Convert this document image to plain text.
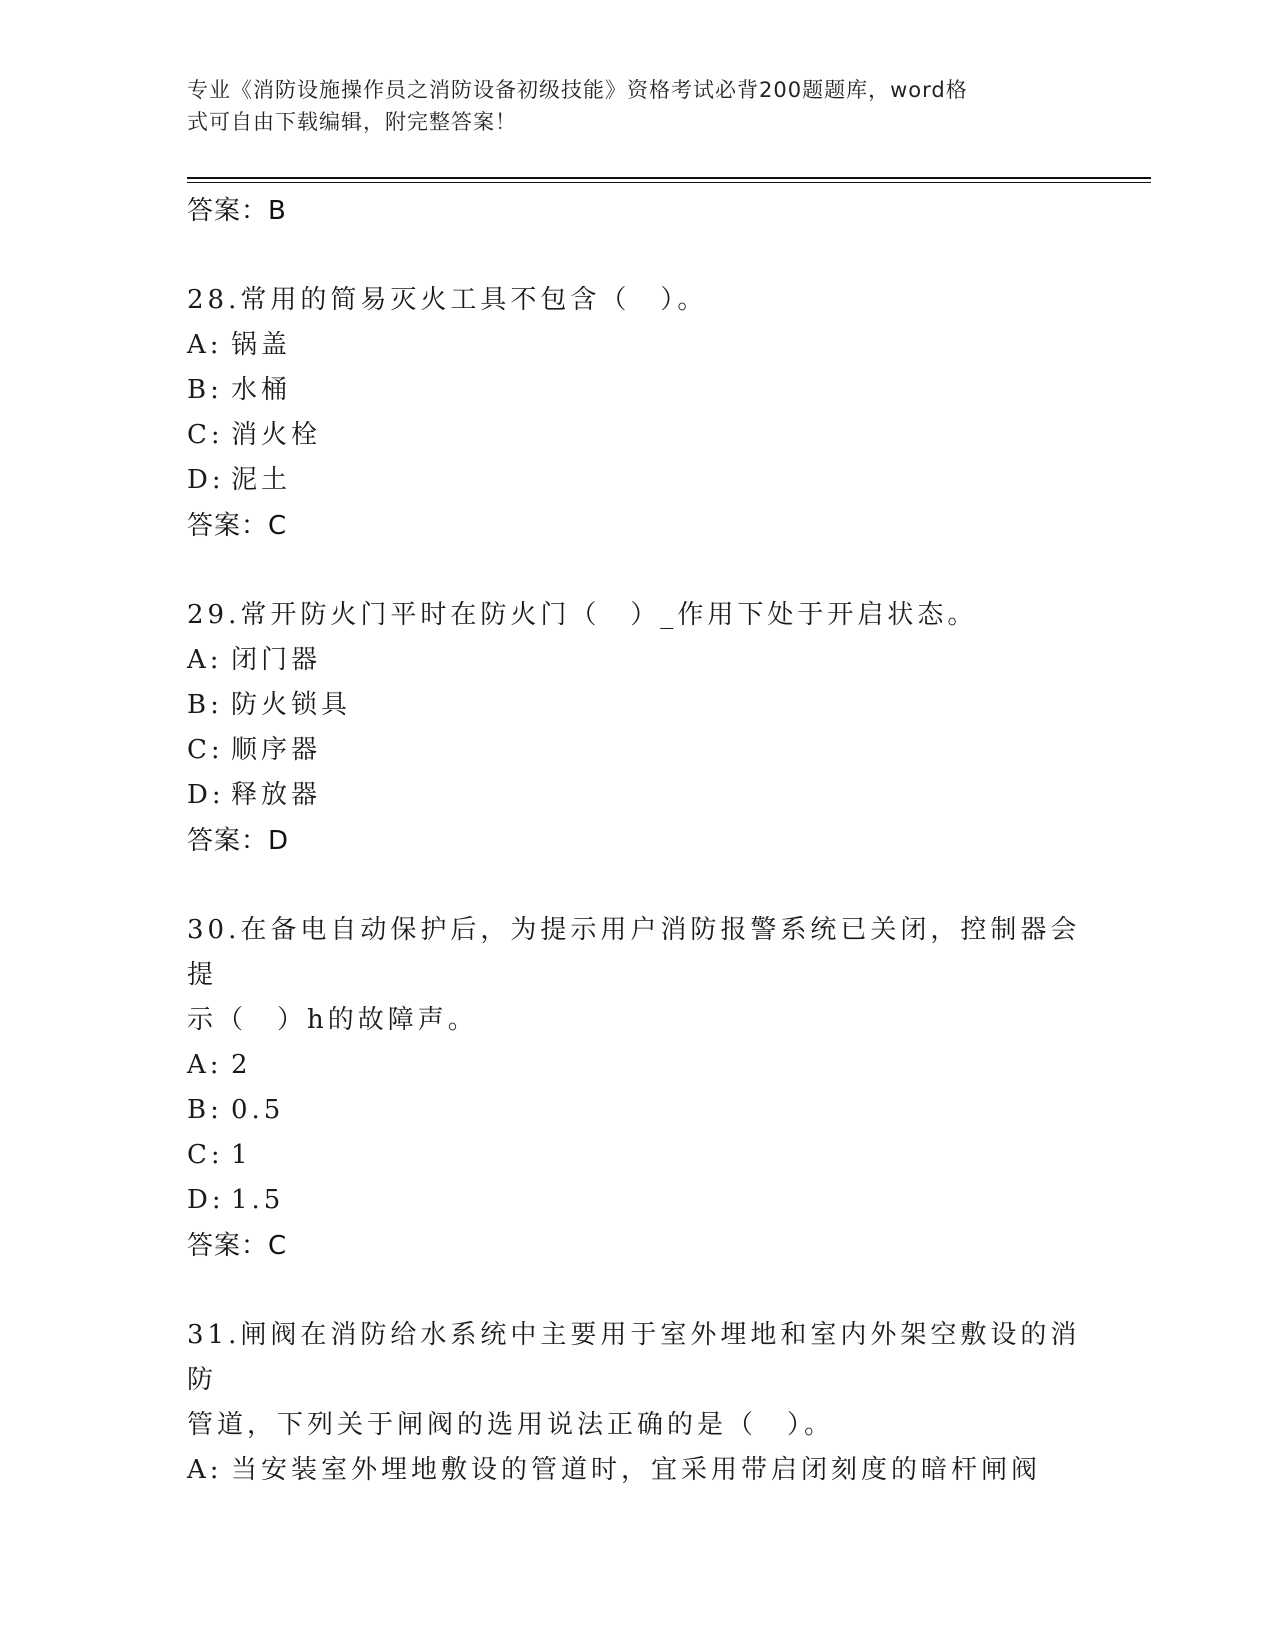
专业《消防设施操作员之消防设备初级技能》资格考试必背200题题库，word格
式可自由下载编辑，附完整答案！
答案：B
28.常用的简易灭火工具不包含（　）。
A: 锅盖
B: 水桶
C: 消火栓
D: 泥土
答案：C
29.常开防火门平时在防火门（　）_作用下处于开启状态。
A: 闭门器
B: 防火锁具
C: 顺序器
D: 释放器
答案：D
30.在备电自动保护后，为提示用户消防报警系统已关闭，控制器会提
示（　）h的故障声。
A: 2
B: 0.5
C: 1
D: 1.5
答案：C
31.闸阀在消防给水系统中主要用于室外埋地和室内外架空敷设的消防
管道，下列关于闸阀的选用说法正确的是（　）。
A: 当安装室外埋地敷设的管道时，宜采用带启闭刻度的暗杆闸阀
